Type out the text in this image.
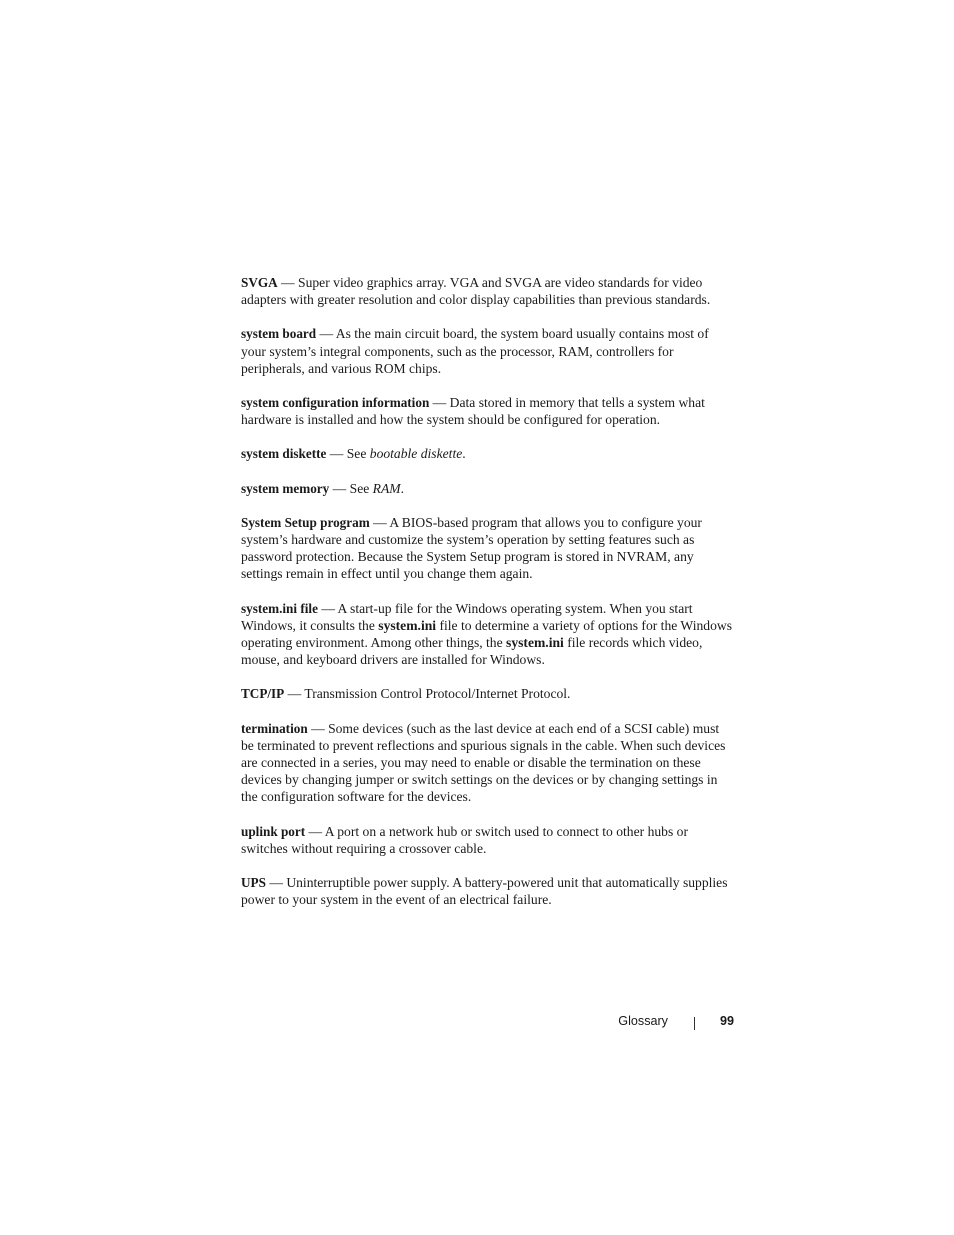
SVGA — Super video graphics array. VGA and SVGA are video standards for video adapters with greater resolution and color display capabilities than previous standards.

system board — As the main circuit board, the system board usually contains most of your system’s integral components, such as the processor, RAM, controllers for peripherals, and various ROM chips.

system configuration information — Data stored in memory that tells a system what hardware is installed and how the system should be configured for operation.

system diskette — See bootable diskette.

system memory — See RAM.

System Setup program — A BIOS-based program that allows you to configure your system’s hardware and customize the system’s operation by setting features such as password protection. Because the System Setup program is stored in NVRAM, any settings remain in effect until you change them again.

system.ini file — A start-up file for the Windows operating system. When you start Windows, it consults the system.ini file to determine a variety of options for the Windows operating environment. Among other things, the system.ini file records which video, mouse, and keyboard drivers are installed for Windows.

TCP/IP — Transmission Control Protocol/Internet Protocol.

termination — Some devices (such as the last device at each end of a SCSI cable) must be terminated to prevent reflections and spurious signals in the cable. When such devices are connected in a series, you may need to enable or disable the termination on these devices by changing jumper or switch settings on the devices or by changing settings in the configuration software for the devices.

uplink port — A port on a network hub or switch used to connect to other hubs or switches without requiring a crossover cable.

UPS — Uninterruptible power supply. A battery-powered unit that automatically supplies power to your system in the event of an electrical failure.

Glossary	99
